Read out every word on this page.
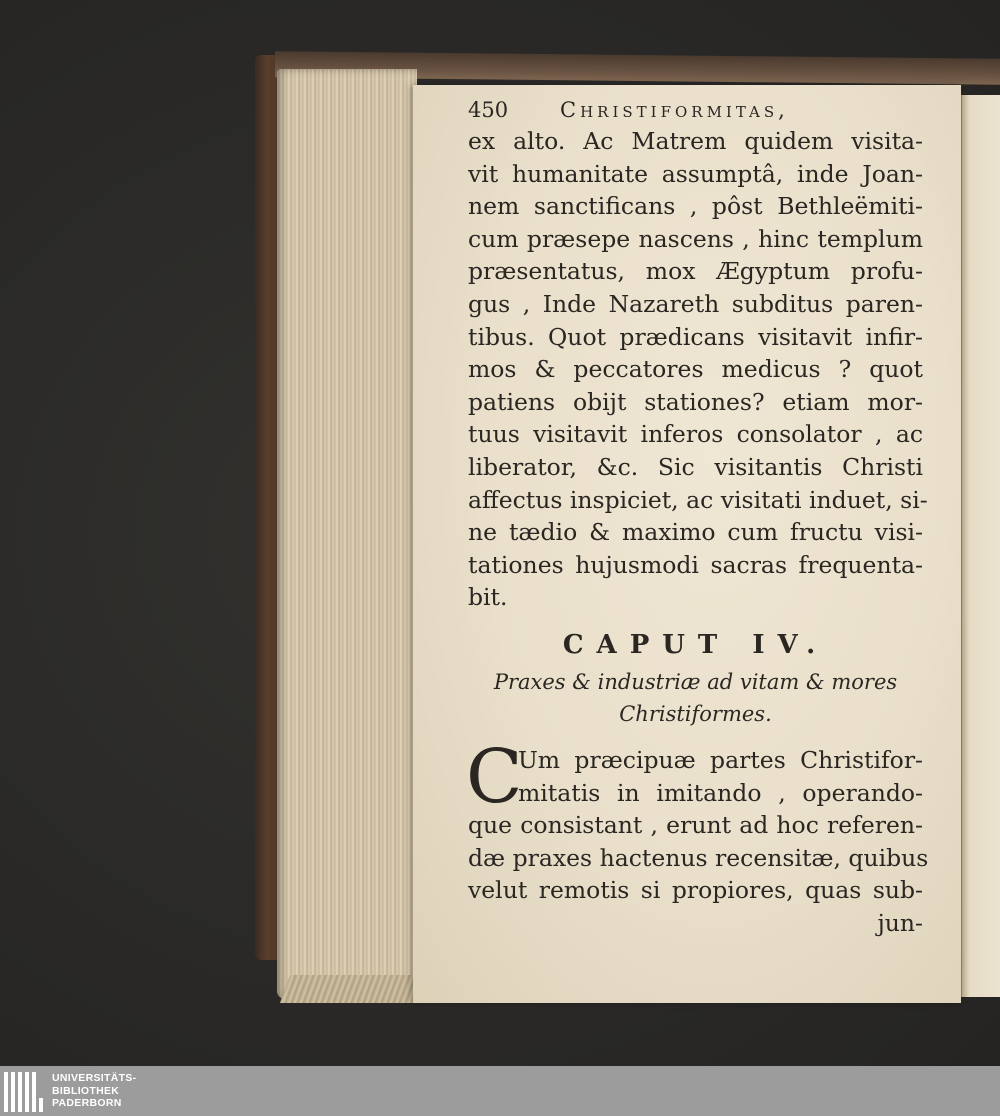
450	Christiformitas,
ex alto. Ac Matrem quidem visita-
vit humanitate assumptâ, inde Joan-
nem sanctificans , pôst Bethleëmiti-
cum præsepe nascens , hinc templum
præsentatus, mox Ægyptum profu-
gus , Inde Nazareth subditus paren-
tibus. Quot prædicans visitavit infir-
mos & peccatores medicus ? quot
patiens obijt stationes? etiam mor-
tuus visitavit inferos consolator , ac
liberator, &c. Sic visitantis Christi
affectus inspiciet, ac visitati induet, si-
ne tædio & maximo cum fructu visi-
tationes hujusmodi sacras frequenta-
bit.
CAPUT IV.
Praxes & industriæ ad vitam & mores
Christiformes.
C
Um præcipuæ partes Christifor-
mitatis in imitando , operando-
que consistant , erunt ad hoc referen-
dæ praxes hactenus recensitæ, quibus
velut remotis si propiores, quas sub-
jun-
UNIVERSITÄTS-
BIBLIOTHEK
PADERBORN
